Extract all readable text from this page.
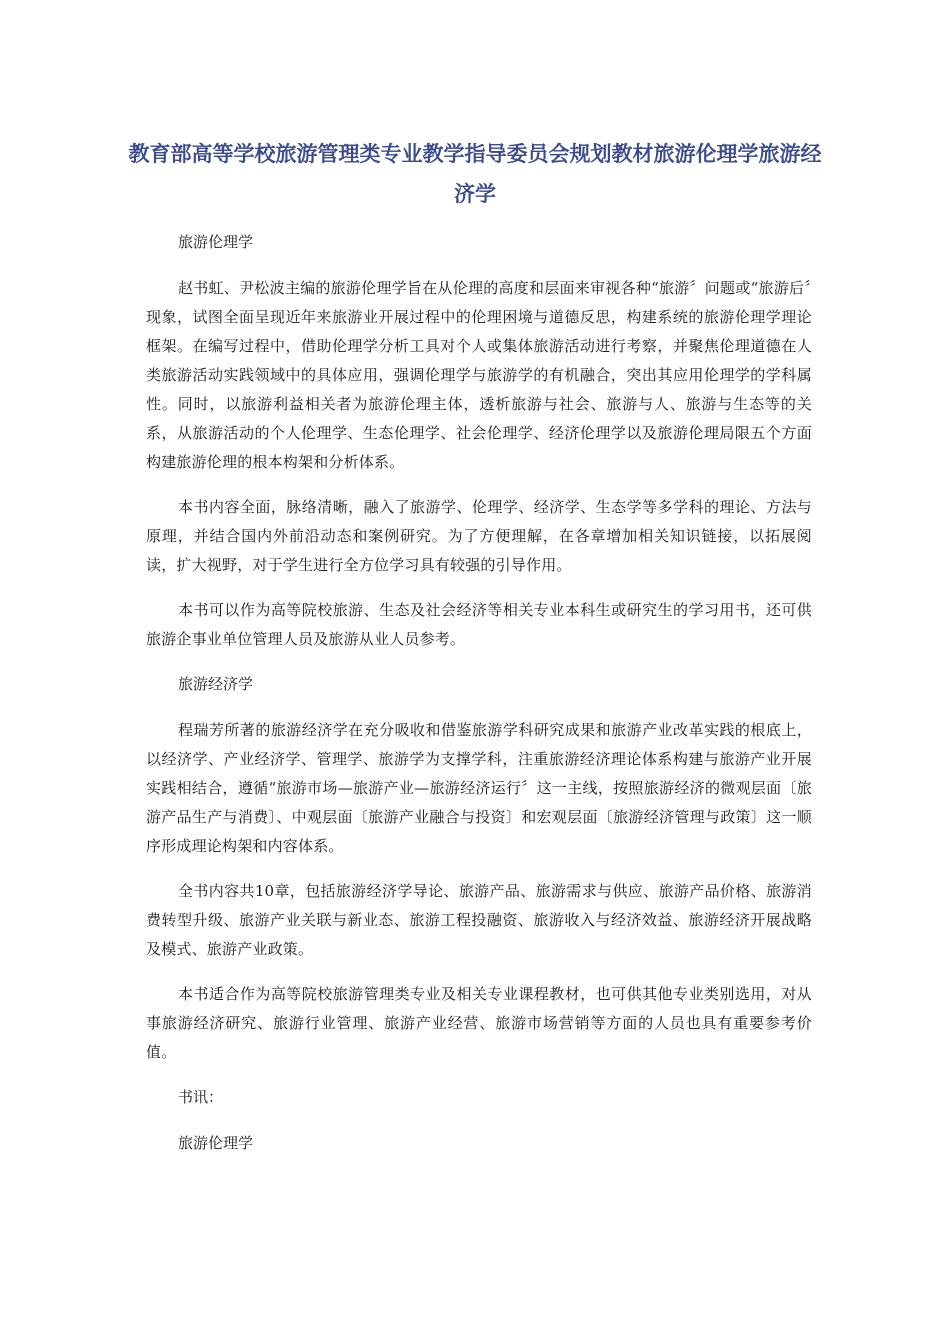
教育部高等学校旅游管理类专业教学指导委员会规划教材旅游伦理学旅游经济学

旅游伦理学

赵书虹、尹松波主编的旅游伦理学旨在从伦理的高度和层面来审视各种“旅游〞问题或“旅游后〞现象，试图全面呈现近年来旅游业开展过程中的伦理困境与道德反思，构建系统的旅游伦理学理论框架。在编写过程中，借助伦理学分析工具对个人或集体旅游活动进行考察，并聚焦伦理道德在人类旅游活动实践领域中的具体应用，强调伦理学与旅游学的有机融合，突出其应用伦理学的学科属性。同时，以旅游利益相关者为旅游伦理主体，透析旅游与社会、旅游与人、旅游与生态等的关系，从旅游活动的个人伦理学、生态伦理学、社会伦理学、经济伦理学以及旅游伦理局限五个方面构建旅游伦理的根本构架和分析体系。

本书内容全面，脉络清晰，融入了旅游学、伦理学、经济学、生态学等多学科的理论、方法与原理，并结合国内外前沿动态和案例研究。为了方便理解，在各章增加相关知识链接，以拓展阅读，扩大视野，对于学生进行全方位学习具有较强的引导作用。

本书可以作为高等院校旅游、生态及社会经济等相关专业本科生或研究生的学习用书，还可供旅游企事业单位管理人员及旅游从业人员参考。

旅游经济学

程瑞芳所著的旅游经济学在充分吸收和借鉴旅游学科研究成果和旅游产业改革实践的根底上，以经济学、产业经济学、管理学、旅游学为支撑学科，注重旅游经济理论体系构建与旅游产业开展实践相结合，遵循“旅游市场—旅游产业—旅游经济运行〞这一主线，按照旅游经济的微观层面〔旅游产品生产与消费〕、中观层面〔旅游产业融合与投资〕和宏观层面〔旅游经济管理与政策〕这一顺序形成理论构架和内容体系。

全书内容共10章，包括旅游经济学导论、旅游产品、旅游需求与供应、旅游产品价格、旅游消费转型升级、旅游产业关联与新业态、旅游工程投融资、旅游收入与经济效益、旅游经济开展战略及模式、旅游产业政策。

本书适合作为高等院校旅游管理类专业及相关专业课程教材，也可供其他专业类别选用，对从事旅游经济研究、旅游行业管理、旅游产业经营、旅游市场营销等方面的人员也具有重要参考价值。

书讯：

旅游伦理学
